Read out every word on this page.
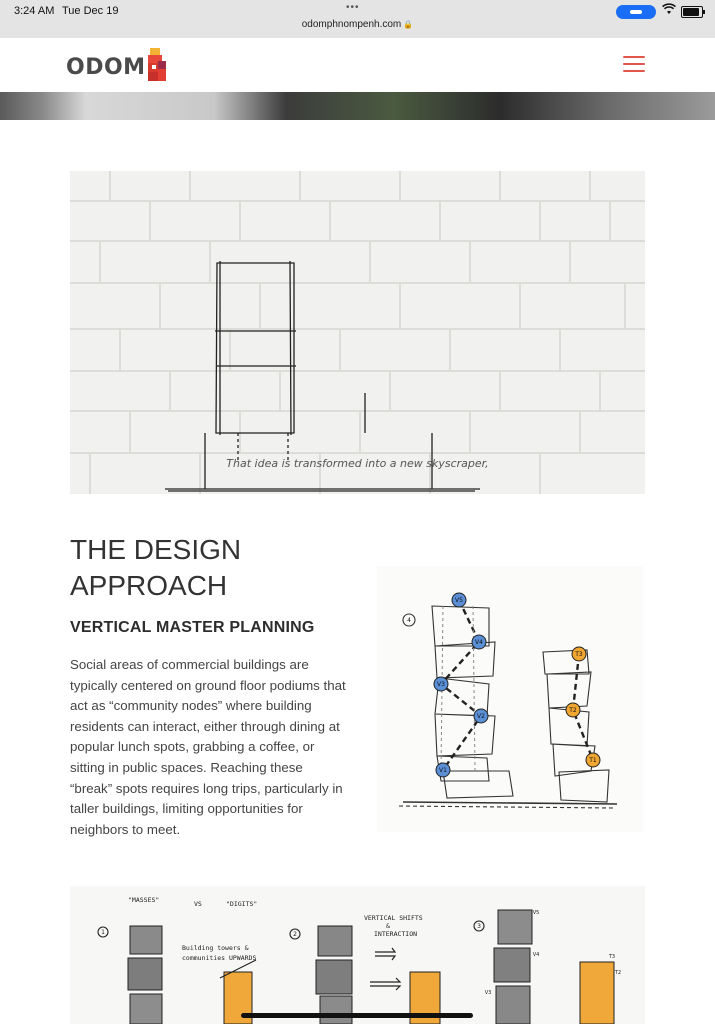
3:24 AM Tue Dec 19	•••
odomphnompenh.com 🔒
ODOM
That idea is transformed into a new skyscraper,
THE DESIGN APPROACH
VERTICAL MASTER PLANNING

Social areas of commercial buildings are typically centered on ground floor podiums that act as “community nodes” where building residents can interact, either through dining at popular lunch spots, grabbing a coffee, or sitting in public spaces. Reaching these “break” spots requires long trips, particularly in taller buildings, limiting opportunities for neighbors to meet.

4
V5
V4
V3
V2
V1
T3
T2
T1
"MASSES"	VS	"DIGITS"
Building towers &
communities UPWARDS
VERTICAL SHIFTS
&
INTERACTION
1	2
3
V5
V4
V3
T3
T2
